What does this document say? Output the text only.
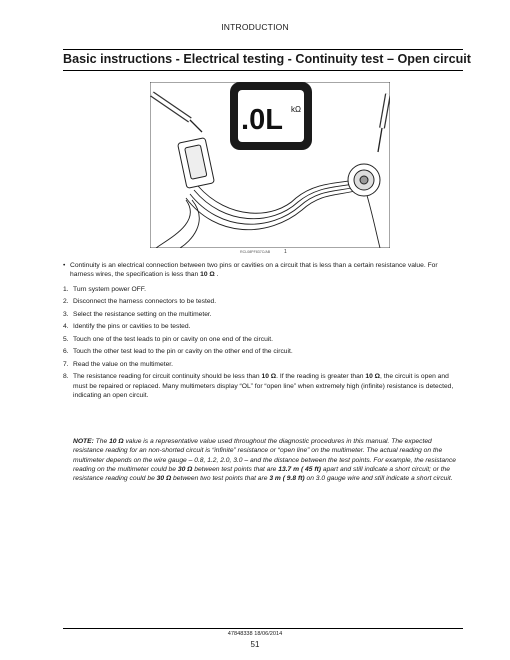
INTRODUCTION
Basic instructions - Electrical testing - Continuity test – Open circuit
.0L kΩ
RCL08PF837C/AB	1
• Continuity is an electrical connection between two pins or cavities on a circuit that is less than a certain resistance value. For harness wires, the specification is less than 10 Ω .
1. Turn system power OFF.
2. Disconnect the harness connectors to be tested.
3. Select the resistance setting on the multimeter.
4. Identify the pins or cavities to be tested.
5. Touch one of the test leads to pin or cavity on one end of the circuit.
6. Touch the other test lead to the pin or cavity on the other end of the circuit.
7. Read the value on the multimeter.
8. The resistance reading for circuit continuity should be less than 10 Ω. If the reading is greater than 10 Ω, the circuit is open and must be repaired or replaced. Many multimeters display “OL” for “open line” when extremely high (infinite) resistance is detected, indicating an open circuit.
NOTE: The 10 Ω value is a representative value used throughout the diagnostic procedures in this manual. The expected resistance reading for an non-shorted circuit is “infinite” resistance or “open line” on the multimeter. The actual reading on the multimeter depends on the wire gauge – 0.8, 1.2, 2.0, 3.0 – and the distance between the test points. For example, the resistance reading on the multimeter could be 30 Ω between test points that are 13.7 m ( 45 ft) apart and still indicate a short circuit; or the resistance reading could be 30 Ω between two test points that are 3 m ( 9.8 ft) on 3.0 gauge wire and still indicate a short circuit.
47848338 18/06/2014
51
